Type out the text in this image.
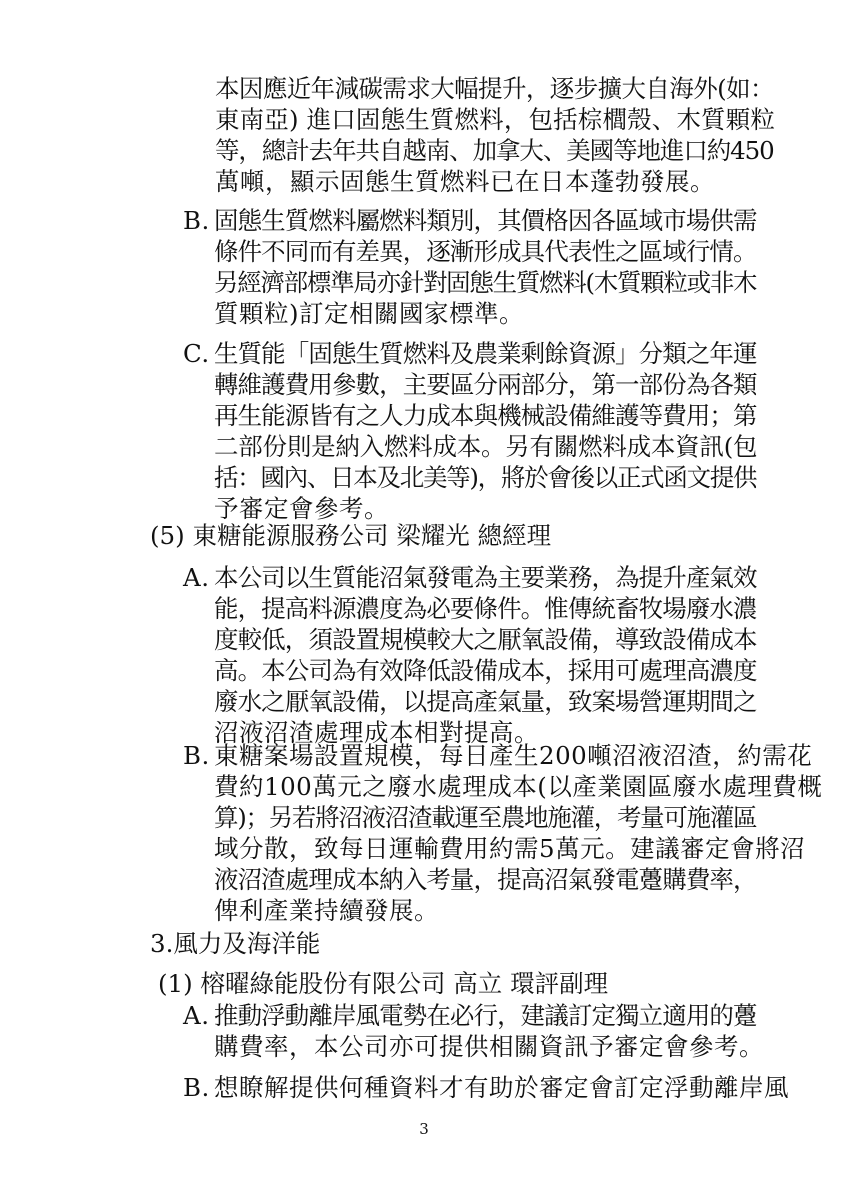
本因應近年減碳需求大幅提升，逐步擴大自海外(如：
東南亞) 進口固態生質燃料，包括棕櫚殼、木質顆粒
等，總計去年共自越南、加拿大、美國等地進口約450
萬噸，顯示固態生質燃料已在日本蓬勃發展。
B. 固態生質燃料屬燃料類別，其價格因各區域市場供需
條件不同而有差異，逐漸形成具代表性之區域行情。
另經濟部標準局亦針對固態生質燃料(木質顆粒或非木
質顆粒)訂定相關國家標準。
C. 生質能「固態生質燃料及農業剩餘資源」分類之年運
轉維護費用參數，主要區分兩部分，第一部份為各類
再生能源皆有之人力成本與機械設備維護等費用；第
二部份則是納入燃料成本。另有關燃料成本資訊(包
括：國內、日本及北美等)，將於會後以正式函文提供
予審定會參考。
(5) 東糖能源服務公司 梁耀光 總經理
A. 本公司以生質能沼氣發電為主要業務，為提升產氣效
能，提高料源濃度為必要條件。惟傳統畜牧場廢水濃
度較低，須設置規模較大之厭氧設備，導致設備成本
高。本公司為有效降低設備成本，採用可處理高濃度
廢水之厭氧設備，以提高產氣量，致案場營運期間之
沼液沼渣處理成本相對提高。
B. 東糖案場設置規模，每日產生200噸沼液沼渣，約需花
費約100萬元之廢水處理成本(以產業園區廢水處理費概
算)；另若將沼液沼渣載運至農地施灌，考量可施灌區
域分散，致每日運輸費用約需5萬元。建議審定會將沼
液沼渣處理成本納入考量，提高沼氣發電躉購費率，
俾利產業持續發展。
3.風力及海洋能
(1) 榕曜綠能股份有限公司 高立 環評副理
A. 推動浮動離岸風電勢在必行，建議訂定獨立適用的躉
購費率，本公司亦可提供相關資訊予審定會參考。
B. 想瞭解提供何種資料才有助於審定會訂定浮動離岸風
3
